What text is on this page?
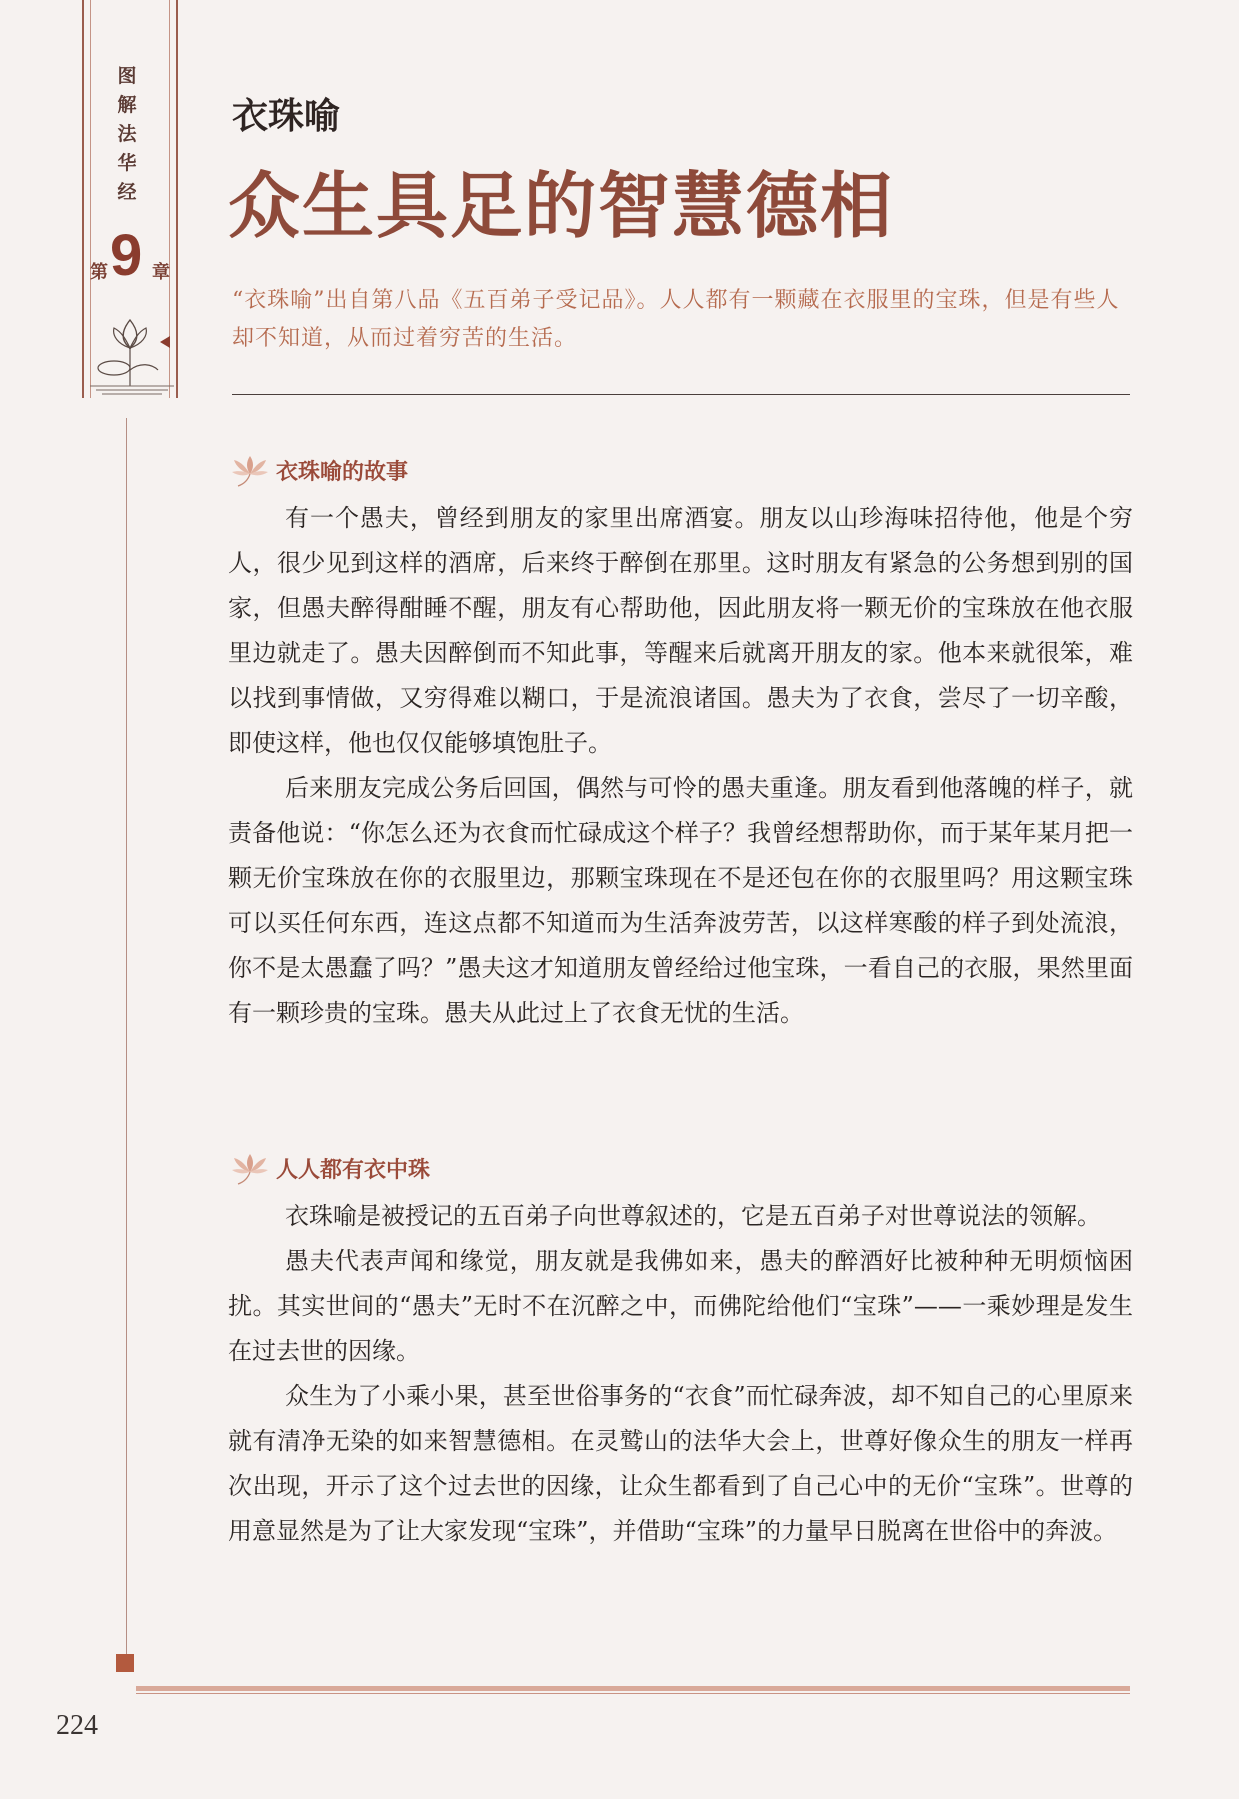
图
解
法
华
经
第 9 章
衣珠喻
众生具足的智慧德相
“衣珠喻”出自第八品《五百弟子受记品》。人人都有一颗藏在衣服里的宝珠，但是有些人却不知道，从而过着穷苦的生活。
衣珠喻的故事

有一个愚夫，曾经到朋友的家里出席酒宴。朋友以山珍海味招待他，他是个穷人，很少见到这样的酒席，后来终于醉倒在那里。这时朋友有紧急的公务想到别的国家，但愚夫醉得酣睡不醒，朋友有心帮助他，因此朋友将一颗无价的宝珠放在他衣服里边就走了。愚夫因醉倒而不知此事，等醒来后就离开朋友的家。他本来就很笨，难以找到事情做，又穷得难以糊口，于是流浪诸国。愚夫为了衣食，尝尽了一切辛酸，即使这样，他也仅仅能够填饱肚子。

后来朋友完成公务后回国，偶然与可怜的愚夫重逢。朋友看到他落魄的样子，就责备他说：“你怎么还为衣食而忙碌成这个样子？我曾经想帮助你，而于某年某月把一颗无价宝珠放在你的衣服里边，那颗宝珠现在不是还包在你的衣服里吗？用这颗宝珠可以买任何东西，连这点都不知道而为生活奔波劳苦，以这样寒酸的样子到处流浪，你不是太愚蠢了吗？”愚夫这才知道朋友曾经给过他宝珠，一看自己的衣服，果然里面有一颗珍贵的宝珠。愚夫从此过上了衣食无忧的生活。

人人都有衣中珠

衣珠喻是被授记的五百弟子向世尊叙述的，它是五百弟子对世尊说法的领解。

愚夫代表声闻和缘觉，朋友就是我佛如来，愚夫的醉酒好比被种种无明烦恼困扰。其实世间的“愚夫”无时不在沉醉之中，而佛陀给他们“宝珠”——一乘妙理是发生在过去世的因缘。

众生为了小乘小果，甚至世俗事务的“衣食”而忙碌奔波，却不知自己的心里原来就有清净无染的如来智慧德相。在灵鹫山的法华大会上，世尊好像众生的朋友一样再次出现，开示了这个过去世的因缘，让众生都看到了自己心中的无价“宝珠”。世尊的用意显然是为了让大家发现“宝珠”，并借助“宝珠”的力量早日脱离在世俗中的奔波。

224
